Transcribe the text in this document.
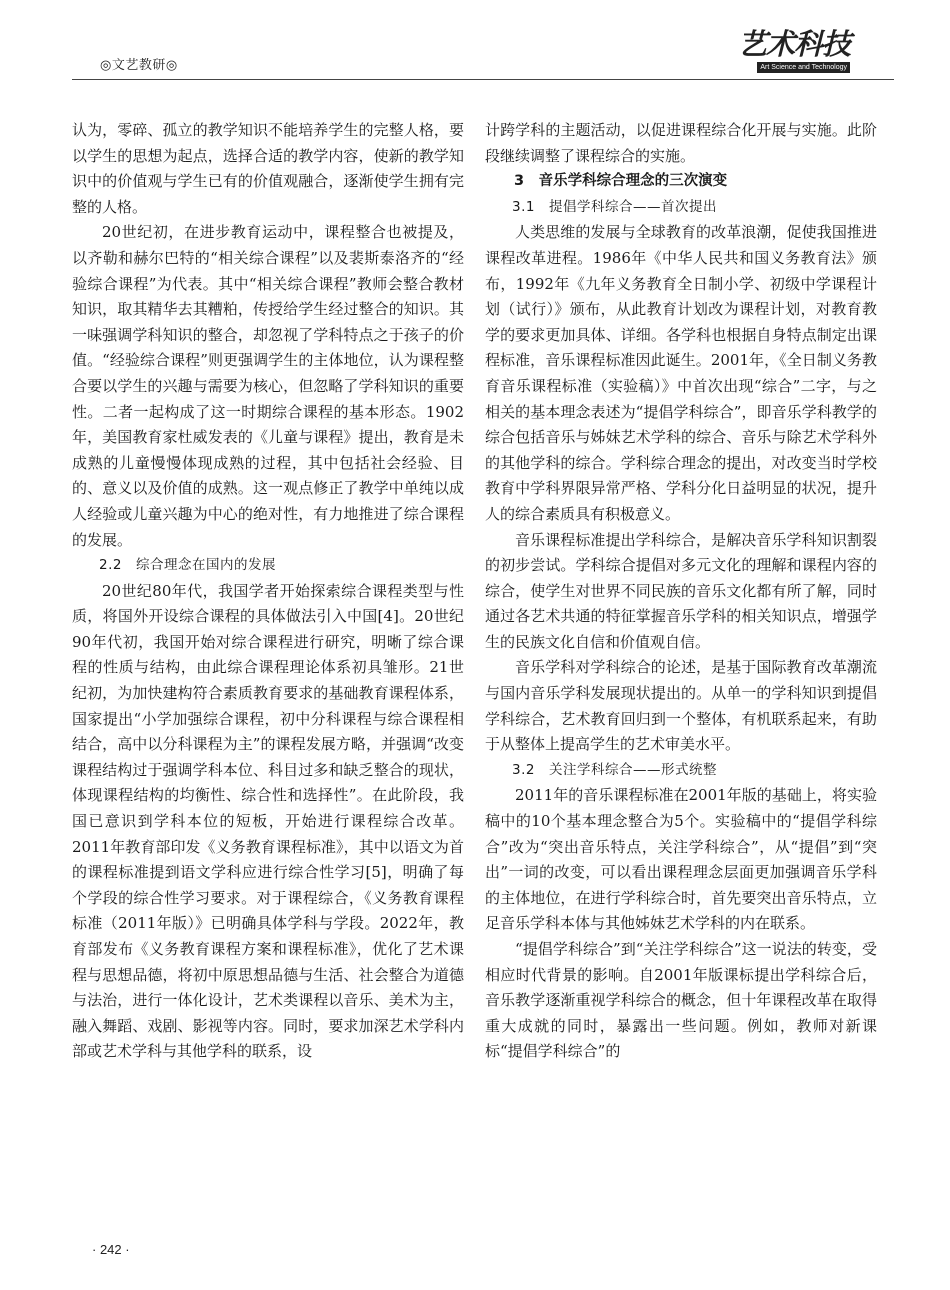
◎文艺教研◎
艺术科技
Art Science and Technology

认为，零碎、孤立的教学知识不能培养学生的完整人格，要以学生的思想为起点，选择合适的教学内容，使新的教学知识中的价值观与学生已有的价值观融合，逐渐使学生拥有完整的人格。

20世纪初，在进步教育运动中，课程整合也被提及，以齐勒和赫尔巴特的“相关综合课程”以及裴斯泰洛齐的“经验综合课程”为代表。其中“相关综合课程”教师会整合教材知识，取其精华去其糟粕，传授给学生经过整合的知识。其一味强调学科知识的整合，却忽视了学科特点之于孩子的价值。“经验综合课程”则更强调学生的主体地位，认为课程整合要以学生的兴趣与需要为核心，但忽略了学科知识的重要性。二者一起构成了这一时期综合课程的基本形态。1902年，美国教育家杜威发表的《儿童与课程》提出，教育是未成熟的儿童慢慢体现成熟的过程，其中包括社会经验、目的、意义以及价值的成熟。这一观点修正了教学中单纯以成人经验或儿童兴趣为中心的绝对性，有力地推进了综合课程的发展。

2.2　综合理念在国内的发展

20世纪80年代，我国学者开始探索综合课程类型与性质，将国外开设综合课程的具体做法引入中国[4]。20世纪90年代初，我国开始对综合课程进行研究，明晰了综合课程的性质与结构，由此综合课程理论体系初具雏形。21世纪初，为加快建构符合素质教育要求的基础教育课程体系，国家提出“小学加强综合课程，初中分科课程与综合课程相结合，高中以分科课程为主”的课程发展方略，并强调“改变课程结构过于强调学科本位、科目过多和缺乏整合的现状，体现课程结构的均衡性、综合性和选择性”。在此阶段，我国已意识到学科本位的短板，开始进行课程综合改革。2011年教育部印发《义务教育课程标准》，其中以语文为首的课程标准提到语文学科应进行综合性学习[5]，明确了每个学段的综合性学习要求。对于课程综合，《义务教育课程标准（2011年版）》已明确具体学科与学段。2022年，教育部发布《义务教育课程方案和课程标准》，优化了艺术课程与思想品德，将初中原思想品德与生活、社会整合为道德与法治，进行一体化设计，艺术类课程以音乐、美术为主，融入舞蹈、戏剧、影视等内容。同时，要求加深艺术学科内部或艺术学科与其他学科的联系，设

计跨学科的主题活动，以促进课程综合化开展与实施。此阶段继续调整了课程综合的实施。

3　音乐学科综合理念的三次演变

3.1　提倡学科综合——首次提出

人类思维的发展与全球教育的改革浪潮，促使我国推进课程改革进程。1986年《中华人民共和国义务教育法》颁布，1992年《九年义务教育全日制小学、初级中学课程计划（试行）》颁布，从此教育计划改为课程计划，对教育教学的要求更加具体、详细。各学科也根据自身特点制定出课程标准，音乐课程标准因此诞生。2001年，《全日制义务教育音乐课程标准（实验稿）》中首次出现“综合”二字，与之相关的基本理念表述为“提倡学科综合”，即音乐学科教学的综合包括音乐与姊妹艺术学科的综合、音乐与除艺术学科外的其他学科的综合。学科综合理念的提出，对改变当时学校教育中学科界限异常严格、学科分化日益明显的状况，提升人的综合素质具有积极意义。

音乐课程标准提出学科综合，是解决音乐学科知识割裂的初步尝试。学科综合提倡对多元文化的理解和课程内容的综合，使学生对世界不同民族的音乐文化都有所了解，同时通过各艺术共通的特征掌握音乐学科的相关知识点，增强学生的民族文化自信和价值观自信。

音乐学科对学科综合的论述，是基于国际教育改革潮流与国内音乐学科发展现状提出的。从单一的学科知识到提倡学科综合，艺术教育回归到一个整体，有机联系起来，有助于从整体上提高学生的艺术审美水平。

3.2　关注学科综合——形式统整

2011年的音乐课程标准在2001年版的基础上，将实验稿中的10个基本理念整合为5个。实验稿中的“提倡学科综合”改为“突出音乐特点，关注学科综合”，从“提倡”到“突出”一词的改变，可以看出课程理念层面更加强调音乐学科的主体地位，在进行学科综合时，首先要突出音乐特点，立足音乐学科本体与其他姊妹艺术学科的内在联系。

“提倡学科综合”到“关注学科综合”这一说法的转变，受相应时代背景的影响。自2001年版课标提出学科综合后，音乐教学逐渐重视学科综合的概念，但十年课程改革在取得重大成就的同时，暴露出一些问题。例如，教师对新课标“提倡学科综合”的

· 242 ·
